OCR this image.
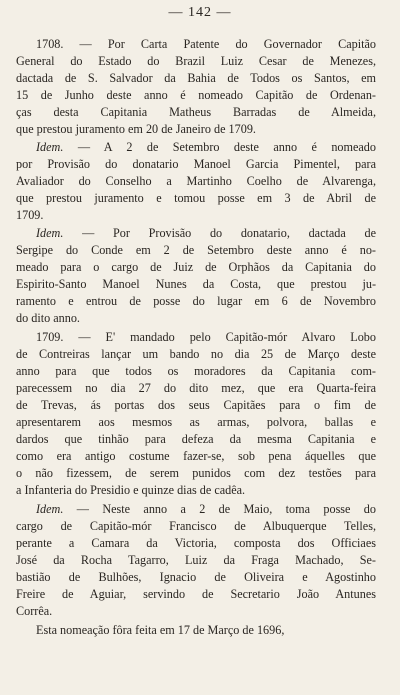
— 142 —
1708. — Por Carta Patente do Governador Capitão
General do Estado do Brazil Luiz Cesar de Menezes,
dactada de S. Salvador da Bahia de Todos os Santos, em
15 de Junho deste anno é nomeado Capitão de Ordenan-
ças desta Capitania Matheus Barradas de Almeida,
que prestou juramento em 20 de Janeiro de 1709.
Idem. — A 2 de Setembro deste anno é nomeado
por Provisão do donatario Manoel Garcia Pimentel, para
Avaliador do Conselho a Martinho Coelho de Alvarenga,
que prestou juramento e tomou posse em 3 de Abril de
1709.
Idem. — Por Provisão do donatario, dactada de
Sergipe do Conde em 2 de Setembro deste anno é no-
meado para o cargo de Juiz de Orphãos da Capitania do
Espirito-Santo Manoel Nunes da Costa, que prestou ju-
ramento e entrou de posse do lugar em 6 de Novembro
do dito anno.
1709. — E' mandado pelo Capitão-mór Alvaro Lobo
de Contreiras lançar um bando no dia 25 de Março deste
anno para que todos os moradores da Capitania com-
parecessem no dia 27 do dito mez, que era Quarta-feira
de Trevas, ás portas dos seus Capitães para o fim de
apresentarem aos mesmos as armas, polvora, ballas e
dardos que tinhão para defeza da mesma Capitania e
como era antigo costume fazer-se, sob pena áquelles que
o não fizessem, de serem punidos com dez testões para
a Infanteria do Presidio e quinze dias de cadêa.
Idem. — Neste anno a 2 de Maio, toma posse do
cargo de Capitão-mór Francisco de Albuquerque Telles,
perante a Camara da Victoria, composta dos Officiaes
José da Rocha Tagarro, Luiz da Fraga Machado, Se-
bastião de Bulhões, Ignacio de Oliveira e Agostinho
Freire de Aguiar, servindo de Secretario João Antunes
Corrêa.
Esta nomeação fôra feita em 17 de Março de 1696,
